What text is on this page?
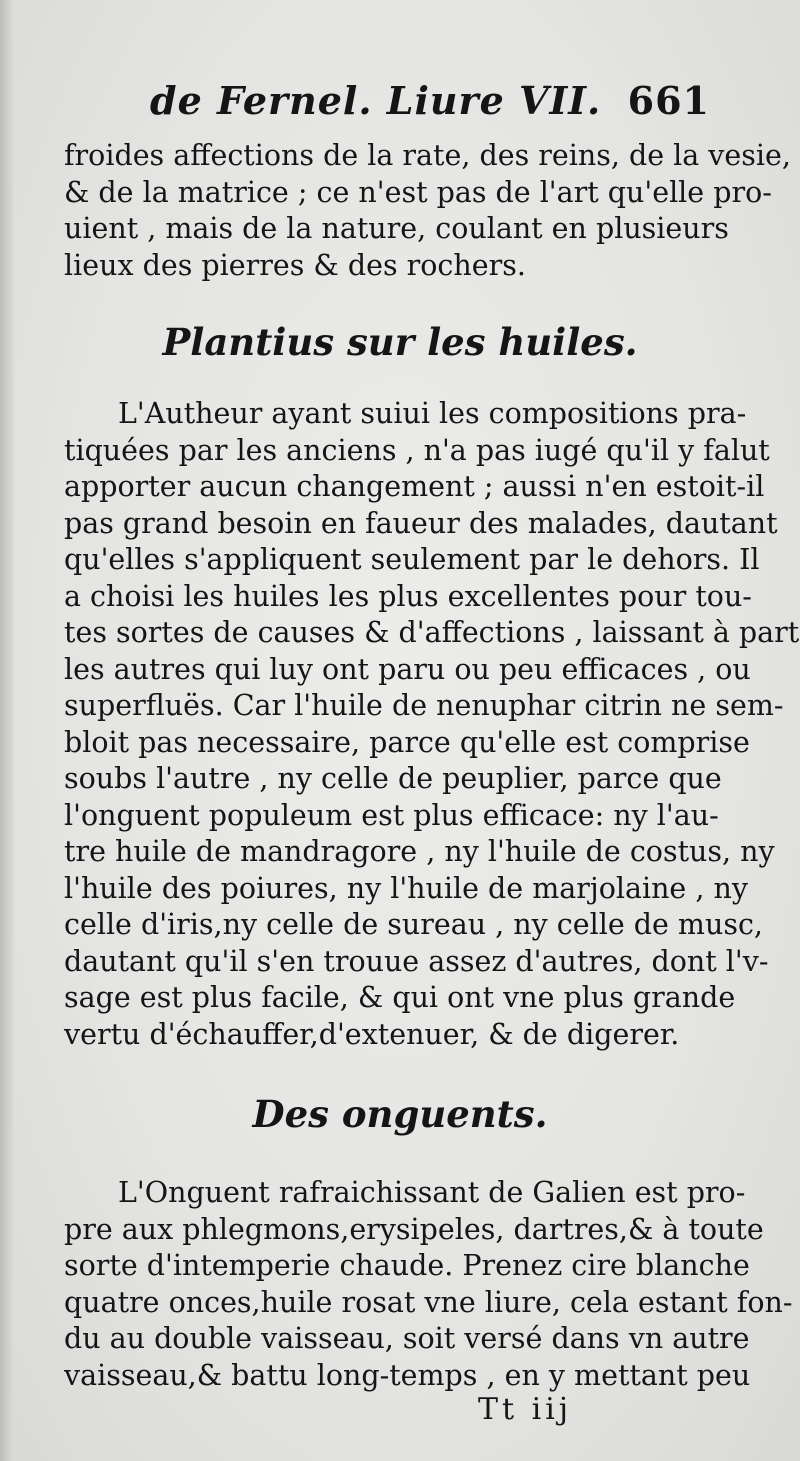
de Fernel. Liure VII. 661
froides affections de la rate, des reins, de la vesie,
& de la matrice ; ce n'est pas de l'art qu'elle pro-
uient , mais de la nature, coulant en plusieurs
lieux des pierres & des rochers.
Plantius sur les huiles.
L'Autheur ayant suiui les compositions pra-
tiquées par les anciens , n'a pas iugé qu'il y falut
apporter aucun changement ; aussi n'en estoit-il
pas grand besoin en faueur des malades, dautant
qu'elles s'appliquent seulement par le dehors. Il
a choisi les huiles les plus excellentes pour tou-
tes sortes de causes & d'affections , laissant à part
les autres qui luy ont paru ou peu efficaces , ou
superfluës. Car l'huile de nenuphar citrin ne sem-
bloit pas necessaire, parce qu'elle est comprise
soubs l'autre , ny celle de peuplier, parce que
l'onguent populeum est plus efficace: ny l'au-
tre huile de mandragore , ny l'huile de costus, ny
l'huile des poiures, ny l'huile de marjolaine , ny
celle d'iris,ny celle de sureau , ny celle de musc,
dautant qu'il s'en trouue assez d'autres, dont l'v-
sage est plus facile, & qui ont vne plus grande
vertu d'échauffer,d'extenuer, & de digerer.
Des onguents.
L'Onguent rafraichissant de Galien est pro-
pre aux phlegmons,erysipeles, dartres,& à toute
sorte d'intemperie chaude. Prenez cire blanche
quatre onces,huile rosat vne liure, cela estant fon-
du au double vaisseau, soit versé dans vn autre
vaisseau,& battu long-temps , en y mettant peu
Tt iij
